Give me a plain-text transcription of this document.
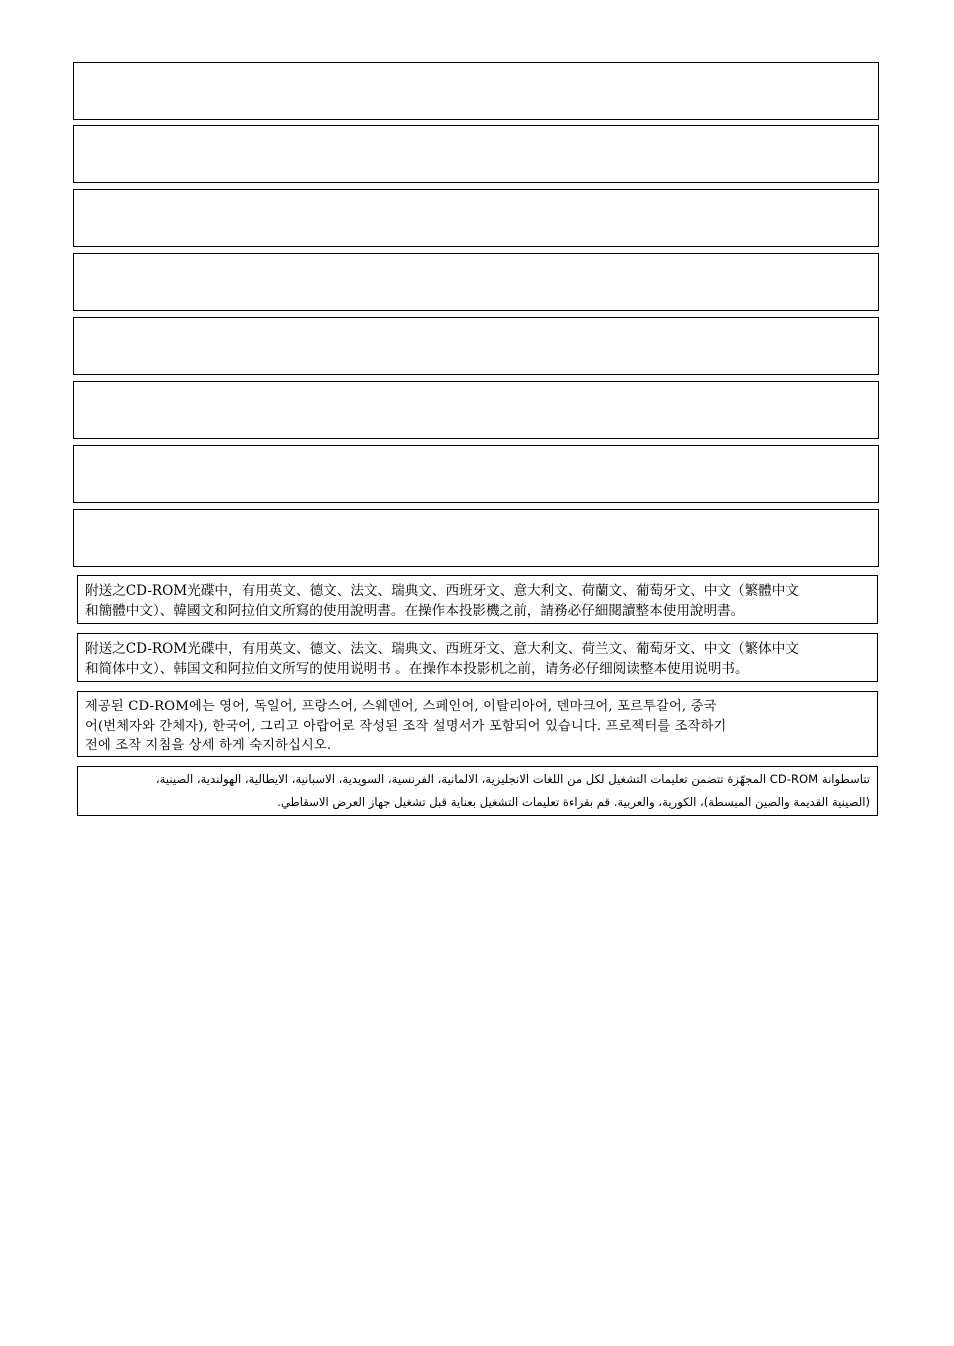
附送之CD-ROM光碟中，有用英文、德文、法文、瑞典文、西班牙文、意大利文、荷蘭文、葡萄牙文、中文（繁體中文
和簡體中文）、韓國文和阿拉伯文所寫的使用說明書。在操作本投影機之前，請務必仔細閱讀整本使用說明書。
附送之CD-ROM光碟中，有用英文、德文、法文、瑞典文、西班牙文、意大利文、荷兰文、葡萄牙文、中文（繁体中文
和简体中文）、韩国文和阿拉伯文所写的使用说明书 。在操作本投影机之前，请务必仔细阅读整本使用说明书。
제공된 CD-ROM에는 영어, 독일어, 프랑스어, 스웨덴어, 스페인어, 이탈리아어, 덴마크어, 포르투갈어, 중국
어(번체자와 간체자), 한국어, 그리고 아랍어로 작성된 조작 설명서가 포함되어 있습니다. 프로젝터를 조작하기
전에 조작 지침을 상세 하게 숙지하십시오.
تتاسطوانة CD-ROM المجهّزة تتضمن تعليمات التشغيل لكل من اللغات الانجليزية، الالمانية، الفرنسية، السويدية، الاسبانية، الايطالية، الهولندية، الصينية،
(الصينية القديمة والصين المبسطة)، الكورية، والعربية. قم بقراءة تعليمات التشغيل بعناية قبل تشغيل جهاز العرض الاسقاطي.
